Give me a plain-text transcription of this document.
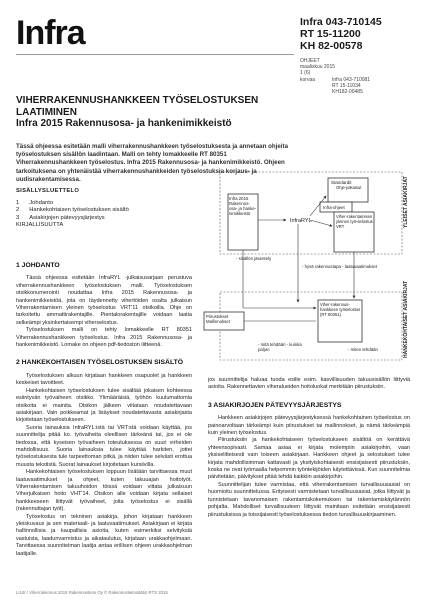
Infra	Infra 043-710145
RT 15-11200
KH 82-00578
OHJEET
maaliskuu 2015
1 (6)
korvaa	Infra 043-710081
RT 15-11034
KH182-00485
VIHERRAKENNUSHANKKEEN TYÖSELOSTUKSEN
LAATIMINEN
Infra 2015 Rakennusosa- ja hankenimikkeistö
Tässä ohjeessa esitetään malli viherrakennushankkeen työselostuksesta ja annetaan ohjeita työselostuksen sisällön laadintaan. Malli on tehty lomakkeelle RT 80351 Viherrakennushankkeen työselostus. Infra 2015 Rakennusosa- ja hankenimikkeistö. Ohjeen tarkoituksena on yhtenäistää viherrakennushankkeiden työselostuksia korjaus- ja uudisrakentamisessa.
SISÄLLYSLUETTELO
1 Johdanto
2 Hankekohtaisen työselostuksen sisältö
3 Asiakirjojen pätevyysjärjestys
KIRJALLISUUTTA
Infra 2015 Rakennus-osa- ja hanke-nimikkeistö
InfraRYL
Standardit
Ohje-julkaisut
Infra-ohjeet
Viher-rakentamisen yleinen työ-selostus VRT	YLEISET ASIAKIRJAT
- sisällön jäsentely
- hyvä rakennustapa - laatuvaatimukset
Piirustukset Mallinnokset
Viher-rakennus-hankkeen työselostus (RT 80351)
- mitä tehdään - kuinka paljon	- miten tehdään	HANKEKOHTAISET ASIAKIRJAT
1 JOHDANTO

Tässä ohjeessa esitetään InfraRYL -julkaisusarjaan perustuva viherrakennushankkeen työselostuksen malli. Työselostuksen otsikkonumerointi noudattaa Infra 2015 Rakennusosa- ja hankenimikkeistöä, jota on täydennetty vihertöiden osalta julkaisun Viherrakentamisen yleinen työselostus VRT'11 otsikoilla. Ohje on tarkoitettu ammattirakentajille. Pientalorakentajille voidaan laatia selkeämpi yksinkertaisempi viherselostus.

Työselostuksen malli on tehty lomakkeelle RT 80351 Viherrakennushankkeen työselostus. Infra 2015 Rakennusosa- ja hankenimikkeistö. Lomake on ohjeen pdf-tiedoston liitteenä.

2 HANKEKOHTAISEN TYÖSELOSTUKSEN SISÄLTÖ

Työselostuksen alkuun kirjataan hankkeen osapuolet ja hankkeen keskeiset tavoitteet.

Hankekohtaisen työselostuksen tulee sisältää jokaisen kohteessa esiintyvän työvaiheen otsikko. Ylimääräisiä, työhön kuulumattomia otsikoita ei mainita. Otsikon jälkeen viitataan noudatettavaan asiakirjaan. Vain poikkeamat ja lisäykset noudatettavasta asiakirjasta kirjoitetaan työselostukseen.

Suoria lainauksia InfraRYL:istä tai VRT:stä voidaan käyttää, jos suunnittelija pitää ko. työvaiheita oleellisen tärkeänä tai, jos ei ole tiedossa, että kyseisen työvaiheen toteutuksessa on suuri virheiden mahdollisuus. Suoria lainauksia tulee käyttää harkiten, jottei työselostuksesta tule tarpeettoman pitkä, ja niiden tulee selvästi erottua muusta tekstistä. Suorat lainaukset kirjoitetaan kursiivilla.

Hankekohtaisen työselostuksen loppuun lisätään tarvittaessa muut laatuvaatimukset ja ohjeet, kuten takuuajan hoitotyöt. Viherrakentamisen takuuhoidon töissä voidaan viitata julkaisuun Viherjulkaisen hoito VHT'14. Otsikon alle voidaan kirjata sellaiset hankkeeseen liittyvät työvaiheet, joita työselostus ei sisällä (rakennuttajan työt).

Työselostus on tekninen asiakirja, johon kirjataan hankkeen yleiskuvaus ja sen materiaali- ja laatuvaatimukset. Asiakirjaan ei kirjata hallinnollisia ja kaupallisia asioita, kuten esimerkiksi selvityksiä vastuista, laadunvarmistus ja aikataulutus, kirjataan urakkaohjelmaan. Tarvittaessa suunnitelman laatija antaa erillisen ohjeen urakkaohjelman laatijalle.

jos suunnittelija haluaa tuoda esille esim. kasvillisuuden takuusisällön liittyviä asioita. Rakennettavien viheralueiden hoitoluokat merkitään piirustuksiin.

3 ASIAKIRJOJEN PÄTEVYYSJÄRJESTYS

Hankkeen asiakirjojen pätevyysjärjestyksessä hankekohtainen työselostus on painoarvoltaan tärkeämpi kuin piirustukset tai mallinnokset, ja nämä tärkeämpiä kuin yleinen työselostus.

Piirustuksiin ja hankekohtaiseen työselostukseen sisältöä on kerättävä yhteensopivasti. Samaa asiaa ei kirjata molempiin asiakirjoihin, vaan yksiselitteisesti vain toiseen asiakirjaan. Hankkeen ohjeet ja selostukset tulee kirjata mahdollisimman kattavasti ja yksityiskohtaisesti ensisijaisesti piirustuksiin, koska ne ovat työmaalla helpommin työntekijöiden käytettävissä. Kun suunnitelmia päivitetään, päivitykset pitää tehdä kaikkiin asiakirjoihin.

Suunnittelijan tulee varmistaa, että viherrakentamisen turvallisuusasiat on huomioitu suunnittelussa. Erityisesti varmistetaan turvallisuusasiat, jotka liittyvät ja tunnistetaan tavanomaisen rakentamiskokemuksen tai rakentamiskäytännön pohjalta. Mahdolliset turvallisuuteen liittyvät mainitaan esitetään ensisijaisesti piirustuksissa ja toissijaisesti työselostuksessa tiedon turvallisuuskirjaaminen.

LIUS / Viherrakennus 2015 Rakennustieto Oy © Rakennustietosäätiö RTS 2015
